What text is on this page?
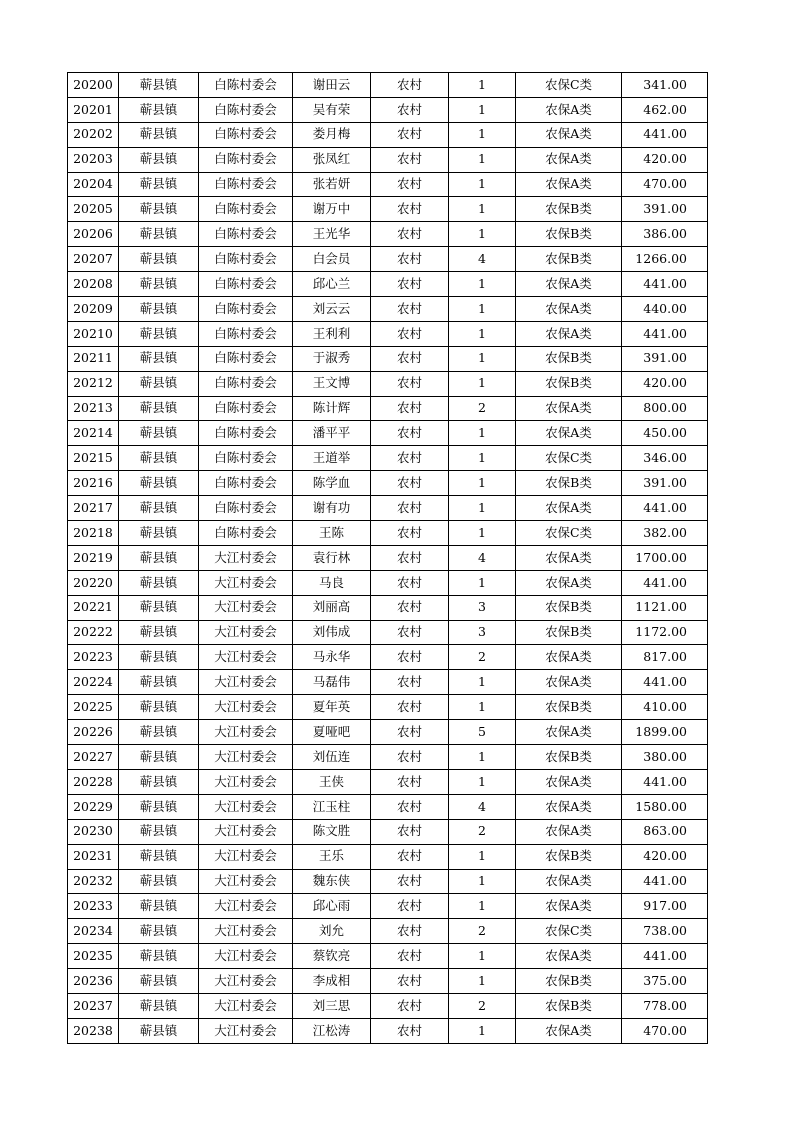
20200	蕲县镇	白陈村委会	谢田云	农村	1	农保C类	341.00
20201	蕲县镇	白陈村委会	吴有荣	农村	1	农保A类	462.00
20202	蕲县镇	白陈村委会	娄月梅	农村	1	农保A类	441.00
20203	蕲县镇	白陈村委会	张凤红	农村	1	农保A类	420.00
20204	蕲县镇	白陈村委会	张若妍	农村	1	农保A类	470.00
20205	蕲县镇	白陈村委会	谢万中	农村	1	农保B类	391.00
20206	蕲县镇	白陈村委会	王光华	农村	1	农保B类	386.00
20207	蕲县镇	白陈村委会	白会员	农村	4	农保B类	1266.00
20208	蕲县镇	白陈村委会	邱心兰	农村	1	农保A类	441.00
20209	蕲县镇	白陈村委会	刘云云	农村	1	农保A类	440.00
20210	蕲县镇	白陈村委会	王利利	农村	1	农保A类	441.00
20211	蕲县镇	白陈村委会	于淑秀	农村	1	农保B类	391.00
20212	蕲县镇	白陈村委会	王文博	农村	1	农保B类	420.00
20213	蕲县镇	白陈村委会	陈计辉	农村	2	农保A类	800.00
20214	蕲县镇	白陈村委会	潘平平	农村	1	农保A类	450.00
20215	蕲县镇	白陈村委会	王道举	农村	1	农保C类	346.00
20216	蕲县镇	白陈村委会	陈学血	农村	1	农保B类	391.00
20217	蕲县镇	白陈村委会	谢有功	农村	1	农保A类	441.00
20218	蕲县镇	白陈村委会	王陈	农村	1	农保C类	382.00
20219	蕲县镇	大江村委会	袁行林	农村	4	农保A类	1700.00
20220	蕲县镇	大江村委会	马良	农村	1	农保A类	441.00
20221	蕲县镇	大江村委会	刘丽高	农村	3	农保B类	1121.00
20222	蕲县镇	大江村委会	刘伟成	农村	3	农保B类	1172.00
20223	蕲县镇	大江村委会	马永华	农村	2	农保A类	817.00
20224	蕲县镇	大江村委会	马磊伟	农村	1	农保A类	441.00
20225	蕲县镇	大江村委会	夏年英	农村	1	农保B类	410.00
20226	蕲县镇	大江村委会	夏哑吧	农村	5	农保A类	1899.00
20227	蕲县镇	大江村委会	刘伍连	农村	1	农保B类	380.00
20228	蕲县镇	大江村委会	王侠	农村	1	农保A类	441.00
20229	蕲县镇	大江村委会	江玉柱	农村	4	农保A类	1580.00
20230	蕲县镇	大江村委会	陈文胜	农村	2	农保A类	863.00
20231	蕲县镇	大江村委会	王乐	农村	1	农保B类	420.00
20232	蕲县镇	大江村委会	魏东侠	农村	1	农保A类	441.00
20233	蕲县镇	大江村委会	邱心雨	农村	1	农保A类	917.00
20234	蕲县镇	大江村委会	刘允	农村	2	农保C类	738.00
20235	蕲县镇	大江村委会	蔡钦亮	农村	1	农保A类	441.00
20236	蕲县镇	大江村委会	李成相	农村	1	农保B类	375.00
20237	蕲县镇	大江村委会	刘三思	农村	2	农保B类	778.00
20238	蕲县镇	大江村委会	江松涛	农村	1	农保A类	470.00
